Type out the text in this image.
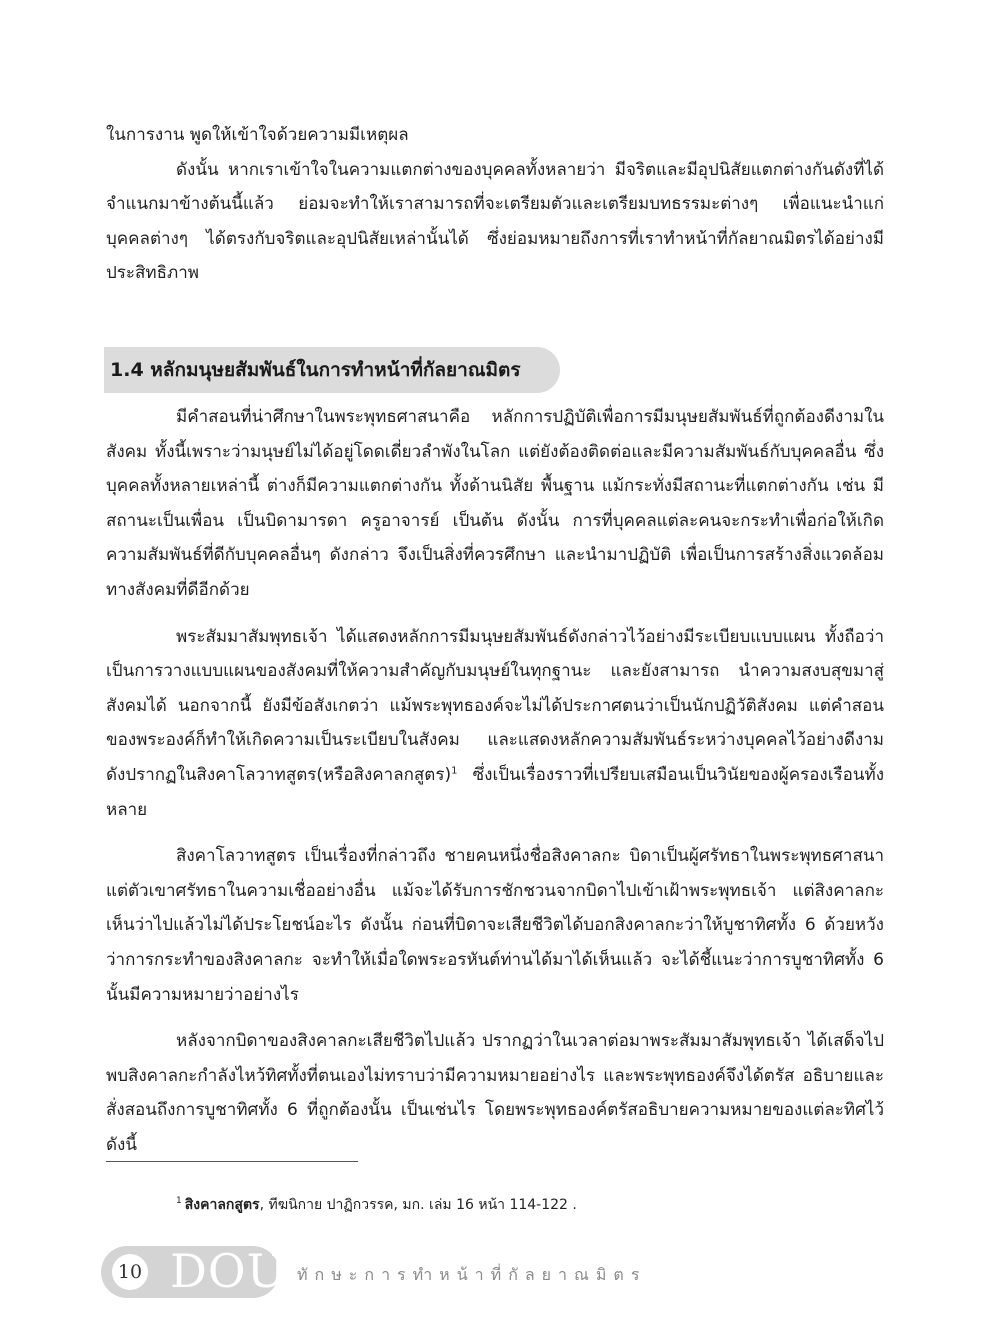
ในการงาน พูดให้เข้าใจด้วยความมีเหตุผล

ดังนั้น หากเราเข้าใจในความแตกต่างของบุคคลทั้งหลายว่า มีจริตและมีอุปนิสัยแตกต่างกันดังที่ได้จำแนกมาข้างต้นนี้แล้ว ย่อมจะทำให้เราสามารถที่จะเตรียมตัวและเตรียมบทธรรมะต่างๆ เพื่อแนะนำแก่บุคคลต่างๆ ได้ตรงกับจริตและอุปนิสัยเหล่านั้นได้ ซึ่งย่อมหมายถึงการที่เราทำหน้าที่กัลยาณมิตรได้อย่างมีประสิทธิภาพ

1.4 หลักมนุษยสัมพันธ์ในการทำหน้าที่กัลยาณมิตร

มีคำสอนที่น่าศึกษาในพระพุทธศาสนาคือ หลักการปฏิบัติเพื่อการมีมนุษยสัมพันธ์ที่ถูกต้องดีงามในสังคม ทั้งนี้เพราะว่ามนุษย์ไม่ได้อยู่โดดเดี่ยวลำพังในโลก แต่ยังต้องติดต่อและมีความสัมพันธ์กับบุคคลอื่น ซึ่งบุคคลทั้งหลายเหล่านี้ ต่างก็มีความแตกต่างกัน ทั้งด้านนิสัย พื้นฐาน แม้กระทั่งมีสถานะที่แตกต่างกัน เช่น มีสถานะเป็นเพื่อน เป็นบิดามารดา ครูอาจารย์ เป็นต้น ดังนั้น การที่บุคคลแต่ละคนจะกระทำเพื่อก่อให้เกิดความสัมพันธ์ที่ดีกับบุคคลอื่นๆ ดังกล่าว จึงเป็นสิ่งที่ควรศึกษา และนำมาปฏิบัติ เพื่อเป็นการสร้างสิ่งแวดล้อมทางสังคมที่ดีอีกด้วย

พระสัมมาสัมพุทธเจ้า ได้แสดงหลักการมีมนุษยสัมพันธ์ดังกล่าวไว้อย่างมีระเบียบแบบแผน ทั้งถือว่าเป็นการวางแบบแผนของสังคมที่ให้ความสำคัญกับมนุษย์ในทุกฐานะ และยังสามารถ นำความสงบสุขมาสู่สังคมได้ นอกจากนี้ ยังมีข้อสังเกตว่า แม้พระพุทธองค์จะไม่ได้ประกาศตนว่าเป็นนักปฏิวัติสังคม แต่คำสอนของพระองค์ก็ทำให้เกิดความเป็นระเบียบในสังคม และแสดงหลักความสัมพันธ์ระหว่างบุคคลไว้อย่างดีงาม ดังปรากฏในสิงคาโลวาทสูตร(หรือสิงคาลกสูตร)$^1$ ซึ่งเป็นเรื่องราวที่เปรียบเสมือนเป็นวินัยของผู้ครองเรือนทั้งหลาย

สิงคาโลวาทสูตร เป็นเรื่องที่กล่าวถึง ชายคนหนึ่งชื่อสิงคาลกะ บิดาเป็นผู้ศรัทธาในพระพุทธศาสนา แต่ตัวเขาศรัทธาในความเชื่ออย่างอื่น แม้จะได้รับการชักชวนจากบิดาไปเข้าเฝ้าพระพุทธเจ้า แต่สิงคาลกะเห็นว่าไปแล้วไม่ได้ประโยชน์อะไร ดังนั้น ก่อนที่บิดาจะเสียชีวิตได้บอกสิงคาลกะว่าให้บูชาทิศทั้ง 6 ด้วยหวังว่าการกระทำของสิงคาลกะ จะทำให้เมื่อใดพระอรหันต์ท่านได้มาได้เห็นแล้ว จะได้ชี้แนะว่าการบูชาทิศทั้ง 6 นั้นมีความหมายว่าอย่างไร

หลังจากบิดาของสิงคาลกะเสียชีวิตไปแล้ว ปรากฏว่าในเวลาต่อมาพระสัมมาสัมพุทธเจ้า ได้เสด็จไปพบสิงคาลกะกำลังไหว้ทิศทั้งที่ตนเองไม่ทราบว่ามีความหมายอย่างไร และพระพุทธองค์จึงได้ตรัส อธิบายและสั่งสอนถึงการบูชาทิศทั้ง 6 ที่ถูกต้องนั้น เป็นเช่นไร โดยพระพุทธองค์ตรัสอธิบายความหมายของแต่ละทิศไว้ ดังนี้

$^1$ สิงคาลกสูตร, ทีฆนิกาย ปาฏิกวรรค, มก. เล่ม 16 หน้า 114-122 .
10 DOU ทักษะการทำหน้าที่กัลยาณมิตร
